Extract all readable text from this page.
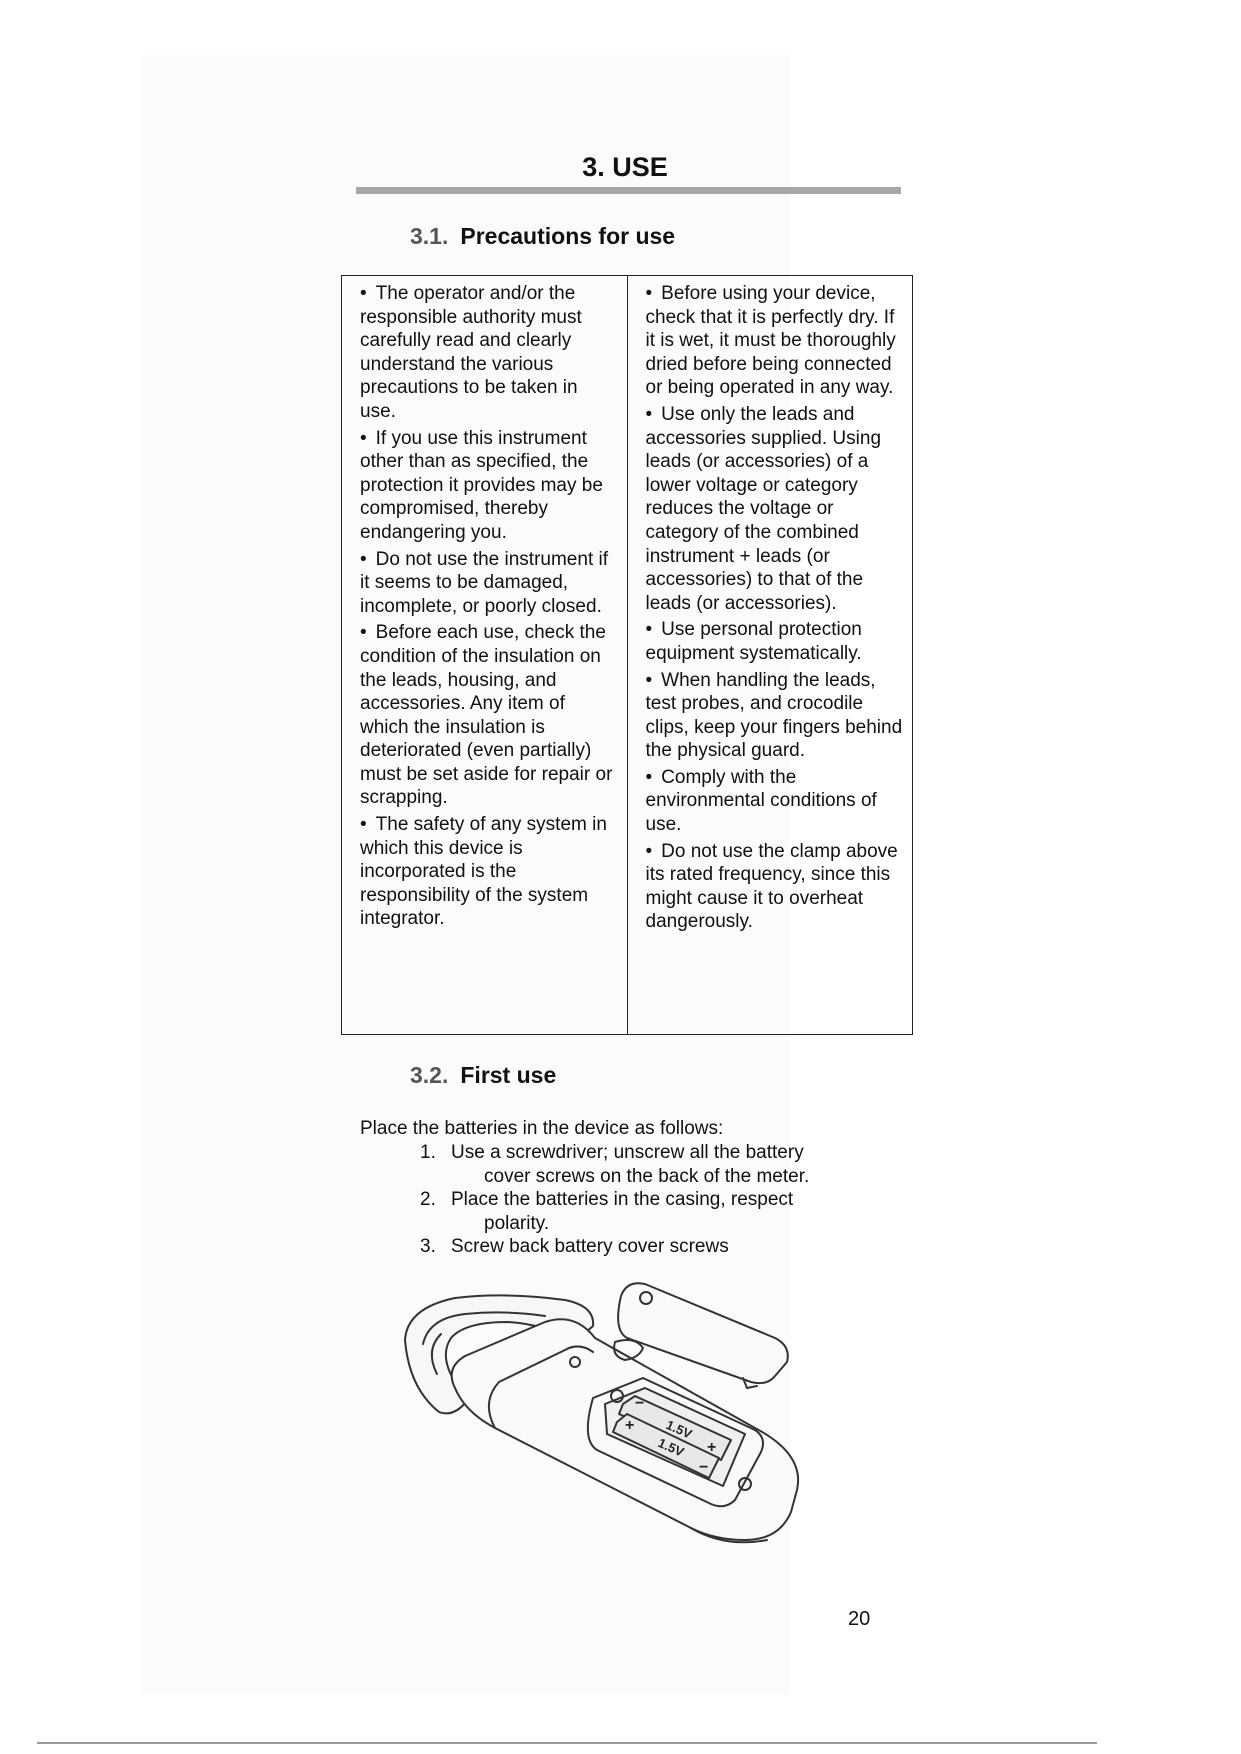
3. USE
3.1. Precautions for use

• The operator and/or the responsible authority must carefully read and clearly understand the various precautions to be taken in use.

• If you use this instrument other than as specified, the protection it provides may be compromised, thereby endangering you.

• Do not use the instrument if it seems to be damaged, incomplete, or poorly closed.

• Before each use, check the condition of the insulation on the leads, housing, and accessories. Any item of which the insulation is deteriorated (even partially) must be set aside for repair or scrapping.

• The safety of any system in which this device is incorporated is the responsibility of the system integrator.

• Before using your device, check that it is perfectly dry. If it is wet, it must be thoroughly dried before being connected or being operated in any way.

• Use only the leads and accessories supplied. Using leads (or accessories) of a lower voltage or category reduces the voltage or category of the combined instrument + leads (or accessories) to that of the leads (or accessories).

• Use personal protection equipment systematically.

• When handling the leads, test probes, and crocodile clips, keep your fingers behind the physical guard.

• Comply with the environmental conditions of use.

• Do not use the clamp above its rated frequency, since this might cause it to overheat dangerously.

3.2. First use

Place the batteries in the device as follows:

1. Use a screwdriver; unscrew all the battery
cover screws on the back of the meter.
2. Place the batteries in the casing, respect
polarity.
3. Screw back battery cover screws
1.5V
1.5V
−
+
+
−

20
